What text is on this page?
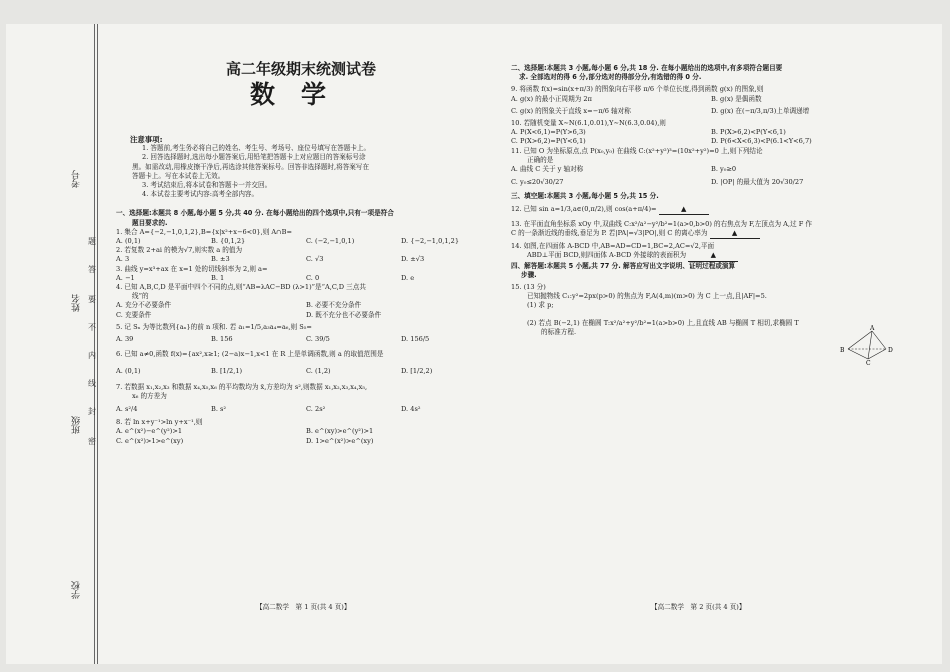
考号
姓名
班级
学校
题
答
要
不
内
线
封
密
高二年级期末统测试卷
数学

注意事项:

1. 答题前,考生务必将自己的姓名、考生号、考场号、座位号填写在答题卡上。

2. 回答选择题时,选出每小题答案后,用铅笔把答题卡上对应题目的答案标号涂

黑。如需改动,用橡皮擦干净后,再选涂其他答案标号。回答非选择题时,将答案写在

答题卡上。写在本试卷上无效。

3. 考试结束后,将本试卷和答题卡一并交回。

4. 本试卷主要考试内容:高考全部内容。

一、选择题:本题共 8 小题,每小题 5 分,共 40 分. 在每小题给出的四个选项中,只有一项是符合

题目要求的.

1. 集合 A={−2,−1,0,1,2},B={x|x²+x−6<0},则 A∩B=

A. (0,1)	B. {0,1,2}	C. (−2,−1,0,1)	D. {−2,−1,0,1,2}

2. 若复数 2+ai 的模为√7,则实数 a 的值为

A. 3	B. ±3	C. √3	D. ±√3

3. 曲线 y=x³+ax 在 x=1 处的切线斜率为 2,则 a=

A. −1	B. 1	C. 0	D. e

4. 已知 A,B,C,D 是平面中四个不同的点,则“AB=λAC−BD (λ>1)”是“A,C,D 三点共

线”的

A. 充分不必要条件	B. 必要不充分条件
C. 充要条件	D. 既不充分也不必要条件

5. 记 Sₙ 为等比数列{aₙ}的前 n 项和. 若 a₁=1/5,a₃a₄=a₆,则 S₅=

A. 39	B. 156	C. 39/5	D. 156/5

6. 已知 a≠0,函数 f(x)={ax²,x≥1; (2−a)x−1,x<1 在 R 上是单调函数,则 a 的取值范围是

A. (0,1)	B. [1/2,1)	C. (1,2)	D. [1/2,2)

7. 若数据 x₁,x₂,x₃ 和数据 x₄,x₅,x₆ 的平均数均为 x̄,方差均为 s²,则数据 x₁,x₂,x₃,x₄,x₅,

x₆ 的方差为

A. s²/4	B. s²	C. 2s²	D. 4s²

8. 若 ln x+y⁻¹>ln y+x⁻¹,则

A. e^(x²)−e^(y²)>1	B. e^(xy)>e^(y²)>1
C. e^(x²)>1>e^(xy)	D. 1>e^(x²)>e^(xy)
【高二数学　第 1 页(共 4 页)】

二、选择题:本题共 3 小题,每小题 6 分,共 18 分. 在每小题给出的选项中,有多项符合题目要

求. 全部选对的得 6 分,部分选对的得部分分,有选错的得 0 分.

9. 将函数 f(x)=sin(x+π/3) 的图象向右平移 π/6 个单位长度,得到函数 g(x) 的图象,则

A. g(x) 的最小正周期为 2π	B. g(x) 是偶函数
C. g(x) 的图象关于直线 x=−π/6 轴对称	D. g(x) 在(−π/3,π/3)上单调递增

10. 若随机变量 X∼N(6.1,0.01),Y∼N(6.3,0.04),则

A. P(X<6,1)=P(Y>6,3)	B. P(X>6,2)<P(Y<6,1)
C. P(X>6,2)=P(Y<6,1)	D. P(6<X<6,3)<P(6.1<Y<6,7)

11. 已知 O 为坐标原点,点 P(x₀,y₀) 在曲线 C:(x²+y²)³=(10x²+y²)=0 上,则下列结论

正确的是

A. 曲线 C 关于 y 轴对称	B. y₀≥0
C. y₀≤20√30/27	D. |OP| 的最大值为 20√30/27

三、填空题:本题共 3 小题,每小题 5 分,共 15 分.

12. 已知 sin a=1/3,a∈(0,π/2),则 cos(a+π/4)=	▲

13. 在平面直角坐标系 xOy 中,双曲线 C:x²/a²−y²/b²=1(a>0,b>0) 的右焦点为 F,左顶点为 A,过 F 作

C 的一条渐近线的垂线,垂足为 P. 若|PA|=√3|PO|,则 C 的离心率为	▲

14. 如图,在四面体 A-BCD 中,AB=AD=CD=1,BC=2,AC=√2,平面

ABD⊥平面 BCD,则四面体 A-BCD 外接球的表面积为	▲

四、解答题:本题共 5 小题,共 77 分. 解答应写出文字说明、证明过程或演算

步骤.

15. (13 分)

已知抛物线 C₁:y²=2px(p>0) 的焦点为 F,A(4,m)(m>0) 为 C 上一点,且|AF|=5.

(1) 求 p;

(2) 若点 B(−2,1) 在椭圆 T:x²/a²+y²/b²=1(a>b>0) 上,且直线 AB 与椭圆 T 相切,求椭圆 T

的标准方程.	A
B
C
D
【高二数学　第 2 页(共 4 页)】
